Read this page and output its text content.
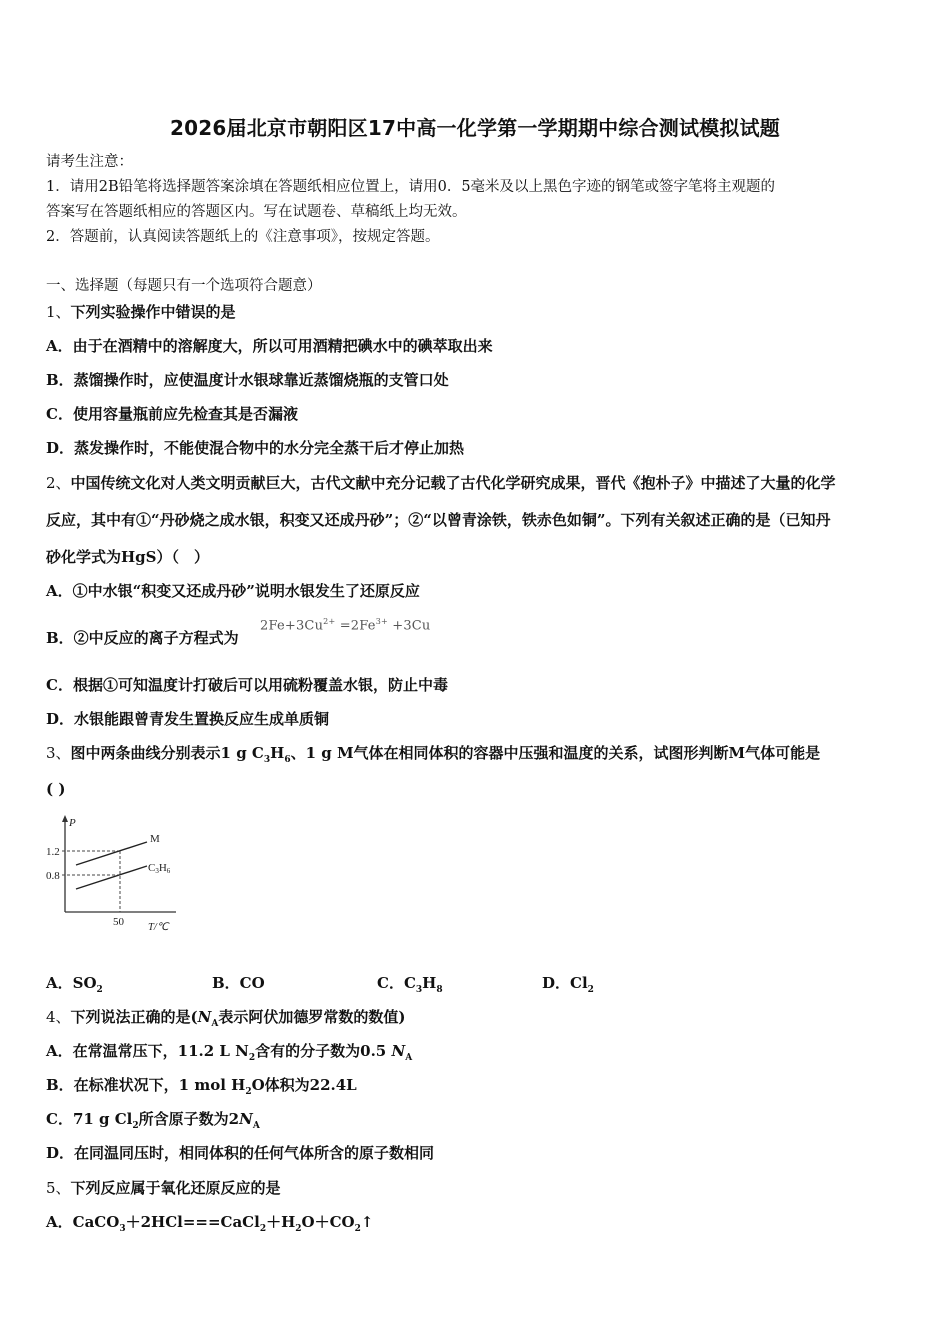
2026届北京市朝阳区17中高一化学第一学期期中综合测试模拟试题
请考生注意：
1．请用2B铅笔将选择题答案涂填在答题纸相应位置上，请用0．5毫米及以上黑色字迹的钢笔或签字笔将主观题的
答案写在答题纸相应的答题区内。写在试题卷、草稿纸上均无效。
2．答题前，认真阅读答题纸上的《注意事项》，按规定答题。
一、选择题（每题只有一个选项符合题意）
1、下列实验操作中错误的是
A．由于在酒精中的溶解度大，所以可用酒精把碘水中的碘萃取出来
B．蒸馏操作时，应使温度计水银球靠近蒸馏烧瓶的支管口处
C．使用容量瓶前应先检查其是否漏液
D．蒸发操作时，不能使混合物中的水分完全蒸干后才停止加热
2、中国传统文化对人类文明贡献巨大，古代文献中充分记载了古代化学研究成果，晋代《抱朴子》中描述了大量的化学
反应，其中有①“丹砂烧之成水银，积变又还成丹砂”；②“以曾青涂铁，铁赤色如铜”。下列有关叙述正确的是（已知丹
砂化学式为HgS）（　）
A．①中水银“积变又还成丹砂”说明水银发生了还原反应
B．②中反应的离子方程式为
$2Fe+3Cu^{2+} =2Fe^{3+} +3Cu$
C．根据①可知温度计打破后可以用硫粉覆盖水银，防止中毒
D．水银能跟曾青发生置换反应生成单质铜
3、图中两条曲线分别表示1 g $C_3H_6$、1 g M气体在相同体积的容器中压强和温度的关系，试图形判断M气体可能是
( )
P
1.2
0.8
50 T/℃
M
C3H6
A．$SO_2$	B．CO	C．$C_3H_8$	D．$Cl_2$
4、下列说法正确的是($N_A$表示阿伏加德罗常数的数值)
A．在常温常压下，11.2 L $N_2$含有的分子数为0.5 $N_A$
B．在标准状况下，1 mol $H_2O$体积为22.4L
C．71 g $Cl_2$所含原子数为$2N_A$
D．在同温同压时，相同体积的任何气体所含的原子数相同
5、下列反应属于氧化还原反应的是
A．$CaCO_3+2HCl===CaCl_2+H_2O+CO_2↑$
